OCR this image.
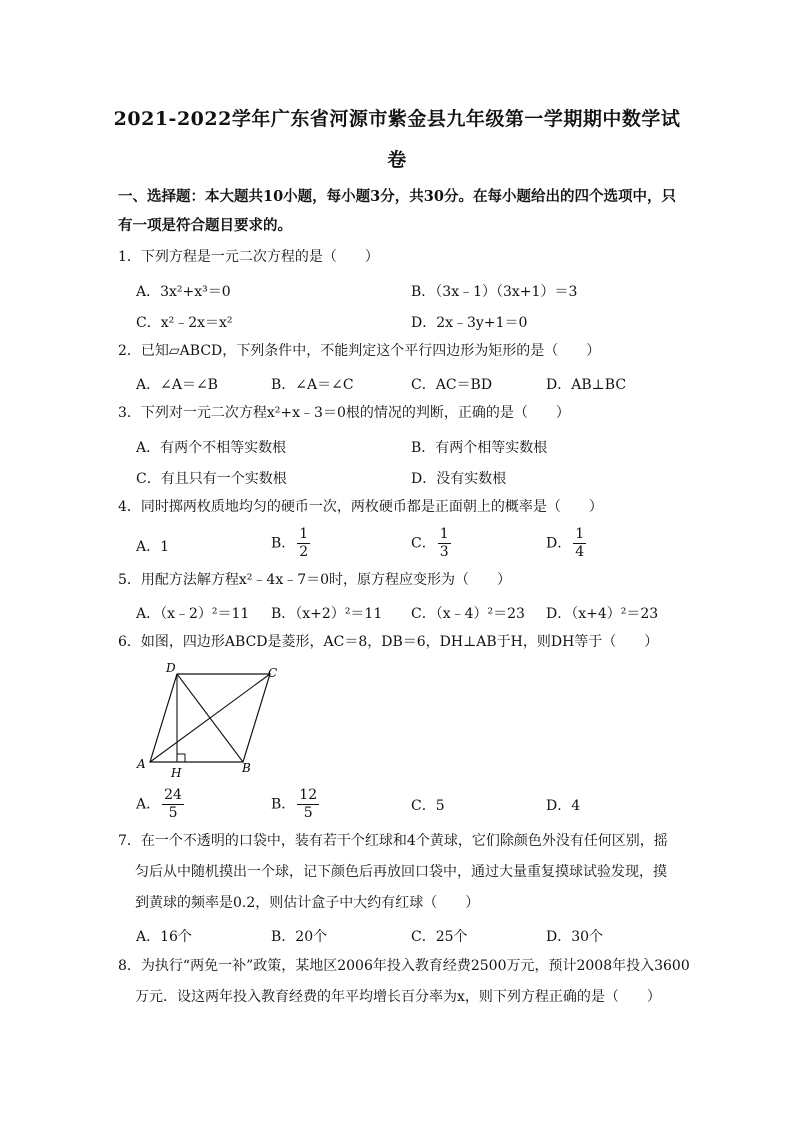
2021-2022学年广东省河源市紫金县九年级第一学期期中数学试
卷
一、选择题：本大题共10小题，每小题3分，共30分。在每小题给出的四个选项中，只
有一项是符合题目要求的。
1．下列方程是一元二次方程的是（　　）
A．3x²+x³＝0	B．（3x﹣1）（3x+1）＝3
C．x²﹣2x＝x²	D．2x﹣3y+1＝0
2．已知▱ABCD，下列条件中，不能判定这个平行四边形为矩形的是（　　）
A．∠A＝∠B	B．∠A＝∠C	C．AC＝BD	D．AB⊥BC
3．下列对一元二次方程x²+x﹣3＝0根的情况的判断，正确的是（　　）
A．有两个不相等实数根	B．有两个相等实数根
C．有且只有一个实数根	D．没有实数根
4．同时掷两枚质地均匀的硬币一次，两枚硬币都是正面朝上的概率是（　　）
A．1	B． $\frac{1}{2}$	C． $\frac{1}{3}$	D． $\frac{1}{4}$
5．用配方法解方程x²﹣4x﹣7＝0时，原方程应变形为（　　）
A．（x﹣2）²＝11 B．（x+2）²＝11 C．（x﹣4）²＝23 D．（x+4）²＝23
6．如图，四边形ABCD是菱形，AC＝8，DB＝6，DH⊥AB于H，则DH等于（　　）
D	C
A	B
H
A． $\frac{24}{5}$	B． $\frac{12}{5}$	C．5	D．4
7．在一个不透明的口袋中，装有若干个红球和4个黄球，它们除颜色外没有任何区别，摇
匀后从中随机摸出一个球，记下颜色后再放回口袋中，通过大量重复摸球试验发现，摸
到黄球的频率是0.2，则估计盒子中大约有红球（　　）
A．16个	B．20个	C．25个	D．30个
8．为执行“两免一补”政策，某地区2006年投入教育经费2500万元，预计2008年投入3600
万元．设这两年投入教育经费的年平均增长百分率为x，则下列方程正确的是（　　）
